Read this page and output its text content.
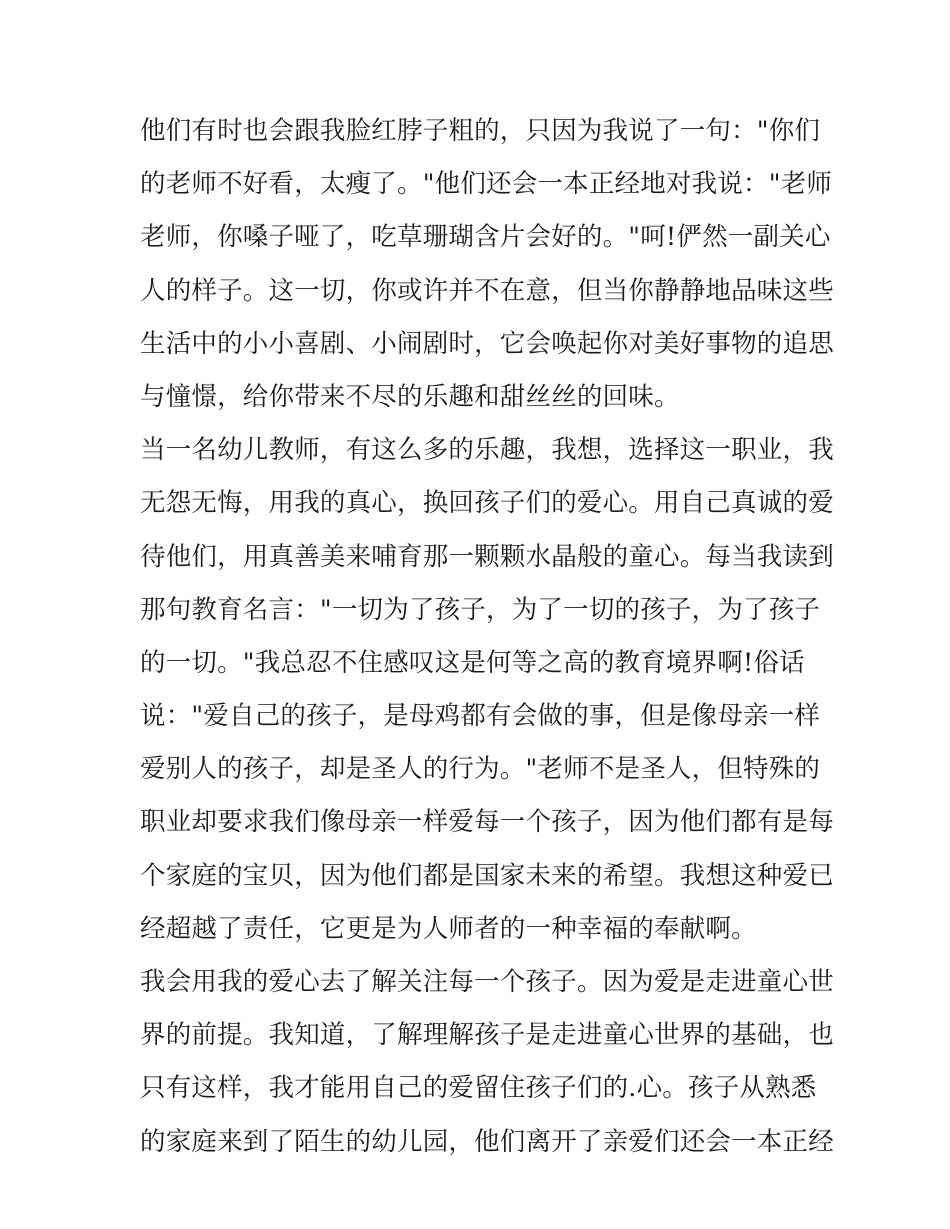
他们有时也会跟我脸红脖子粗的，只因为我说了一句："你们
的老师不好看，太瘦了。"他们还会一本正经地对我说："老师
老师，你嗓子哑了，吃草珊瑚含片会好的。"呵!俨然一副关心
人的样子。这一切，你或许并不在意，但当你静静地品味这些
生活中的小小喜剧、小闹剧时，它会唤起你对美好事物的追思
与憧憬，给你带来不尽的乐趣和甜丝丝的回味。
当一名幼儿教师，有这么多的乐趣，我想，选择这一职业，我
无怨无悔，用我的真心，换回孩子们的爱心。用自己真诚的爱
待他们，用真善美来哺育那一颗颗水晶般的童心。每当我读到
那句教育名言："一切为了孩子，为了一切的孩子，为了孩子
的一切。"我总忍不住感叹这是何等之高的教育境界啊!俗话
说："爱自己的孩子，是母鸡都有会做的事，但是像母亲一样
爱别人的孩子，却是圣人的行为。"老师不是圣人，但特殊的
职业却要求我们像母亲一样爱每一个孩子，因为他们都有是每
个家庭的宝贝，因为他们都是国家未来的希望。我想这种爱已
经超越了责任，它更是为人师者的一种幸福的奉献啊。
我会用我的爱心去了解关注每一个孩子。因为爱是走进童心世
界的前提。我知道，了解理解孩子是走进童心世界的基础，也
只有这样，我才能用自己的爱留住孩子们的.心。孩子从熟悉
的家庭来到了陌生的幼儿园，他们离开了亲爱们还会一本正经
